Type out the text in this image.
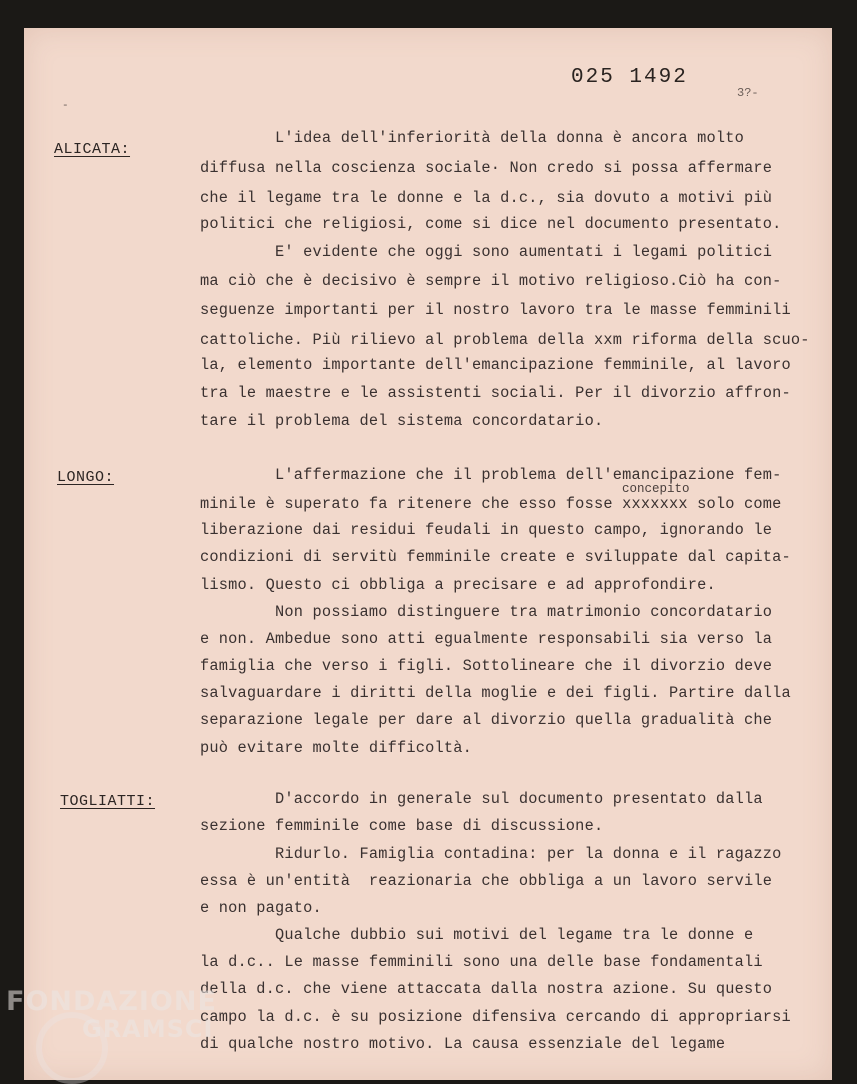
025 1492
3?-
-
ALICATA:
LONGO:
TOGLIATTI:
concepito
L'idea dell'inferiorità della donna è ancora molto
diffusa nella coscienza sociale· Non credo si possa affermare
che il legame tra le donne e la d.c., sia dovuto a motivi più
politici che religiosi, come si dice nel documento presentato.
E' evidente che oggi sono aumentati i legami politici
ma ciò che è decisivo è sempre il motivo religioso.Ciò ha con-
seguenze importanti per il nostro lavoro tra le masse femminili
cattoliche. Più rilievo al problema della xxm riforma della scuo-
la, elemento importante dell'emancipazione femminile, al lavoro
tra le maestre e le assistenti sociali. Per il divorzio affron-
tare il problema del sistema concordatario.
L'affermazione che il problema dell'emancipazione fem-
minile è superato fa ritenere che esso fosse xxxxxxx solo come
liberazione dai residui feudali in questo campo, ignorando le
condizioni di servitù femminile create e sviluppate dal capita-
lismo. Questo ci obbliga a precisare e ad approfondire.
Non possiamo distinguere tra matrimonio concordatario
e non. Ambedue sono atti egualmente responsabili sia verso la
famiglia che verso i figli. Sottolineare che il divorzio deve
salvaguardare i diritti della moglie e dei figli. Partire dalla
separazione legale per dare al divorzio quella gradualità che
può evitare molte difficoltà.
D'accordo in generale sul documento presentato dalla
sezione femminile come base di discussione.
Ridurlo. Famiglia contadina: per la donna e il ragazzo
essa è un'entità  reazionaria che obbliga a un lavoro servile
e non pagato.
Qualche dubbio sui motivi del legame tra le donne e
la d.c.. Le masse femminili sono una delle base fondamentali
della d.c. che viene attaccata dalla nostra azione. Su questo
campo la d.c. è su posizione difensiva cercando di appropriarsi
di qualche nostro motivo. La causa essenziale del legame
FONDAZIONE
GRAMSCI
